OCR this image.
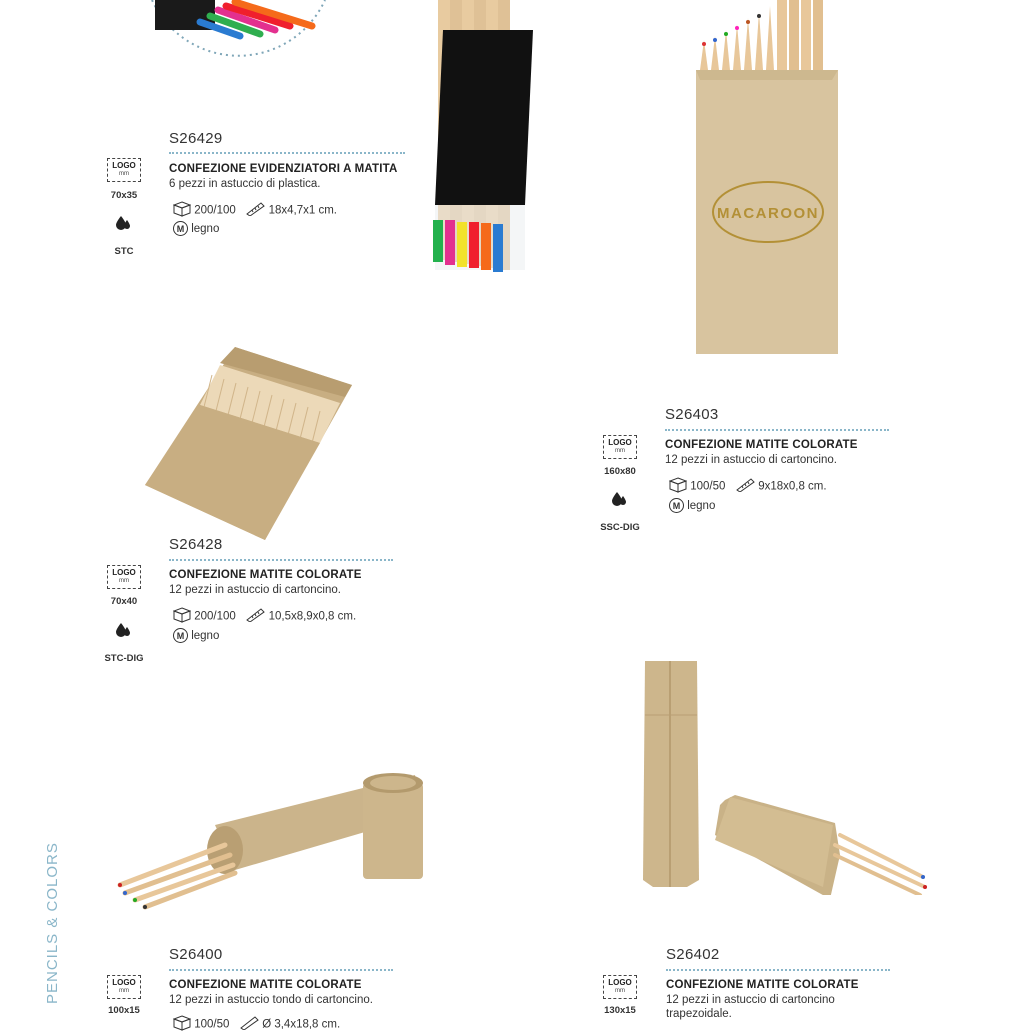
MACAROON
S26429
CONFEZIONE EVIDENZIATORI A MATITA
6 pezzi in astuccio di plastica.
200/100	18x4,7x1 cm.
M legno
LOGO
mm
70x35
STC
S26403
CONFEZIONE MATITE COLORATE
12 pezzi in astuccio di cartoncino.
100/50	9x18x0,8 cm.
M legno
LOGO
mm
160x80
SSC-DIG
S26428
CONFEZIONE MATITE COLORATE
12 pezzi in astuccio di cartoncino.
200/100	10,5x8,9x0,8 cm.
M legno
LOGO
mm
70x40
STC-DIG
S26400
CONFEZIONE MATITE COLORATE
12 pezzi in astuccio tondo di cartoncino.
100/50	Ø 3,4x18,8 cm.
LOGO
mm
100x15
S26402
CONFEZIONE MATITE COLORATE
12 pezzi in astuccio di cartoncino
trapezoidale.
LOGO
mm
130x15
PENCILS & COLORS
